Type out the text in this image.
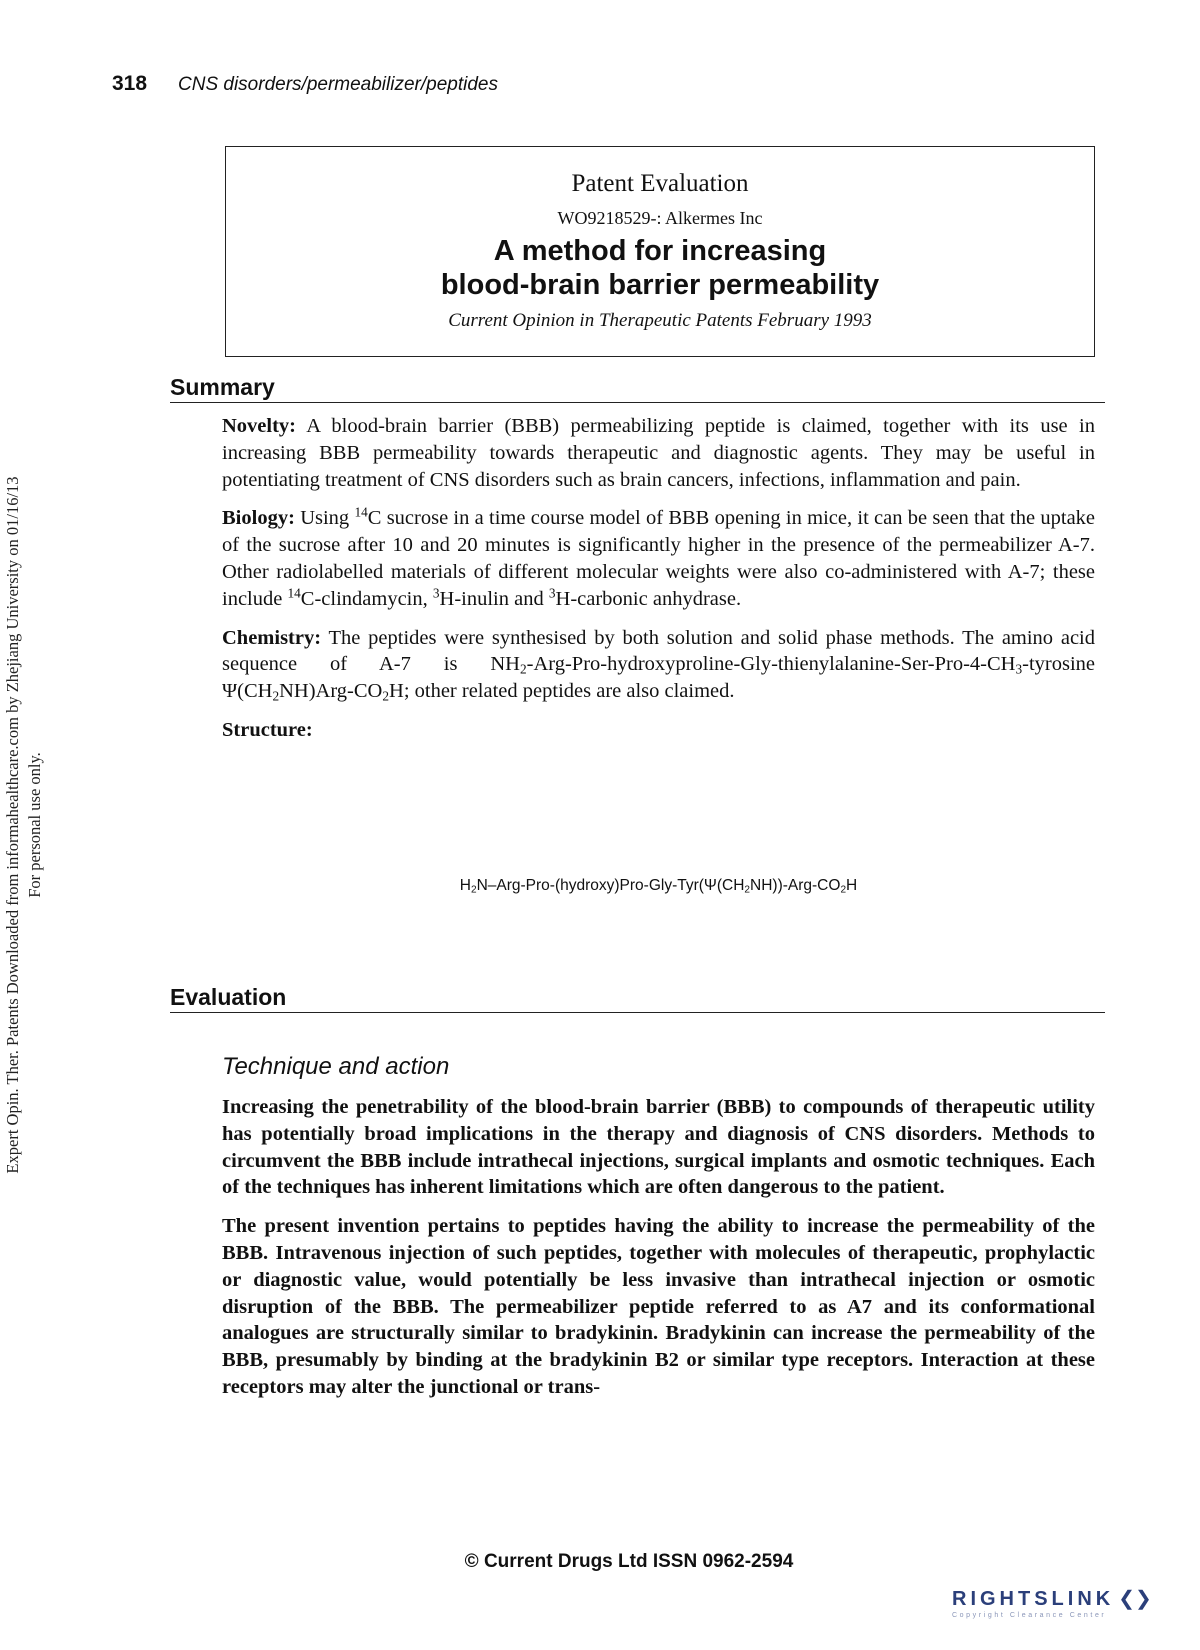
318 CNS disorders/permeabilizer/peptides
Expert Opin. Ther. Patents Downloaded from informahealthcare.com by Zhejiang University on 01/16/13 For personal use only.
Patent Evaluation
WO9218529-: Alkermes Inc
A method for increasing
blood-brain barrier permeability
Current Opinion in Therapeutic Patents February 1993
Summary

Novelty: A blood-brain barrier (BBB) permeabilizing peptide is claimed, together with its use in increasing BBB permeability towards therapeutic and diagnostic agents. They may be useful in potentiating treatment of CNS disorders such as brain cancers, infections, inflammation and pain.

Biology: Using $^{14}$C sucrose in a time course model of BBB opening in mice, it can be seen that the uptake of the sucrose after 10 and 20 minutes is significantly higher in the presence of the permeabilizer A-7. Other radiolabelled materials of different molecular weights were also co-administered with A-7; these include $^{14}$C-clindamycin, $^3$H-inulin and $^3$H-carbonic anhydrase.

Chemistry: The peptides were synthesised by both solution and solid phase methods. The amino acid sequence of A-7 is $NH_2-Arg-Pro-hydroxyproline-Gly-thienylalanine-Ser-Pro-4-CH_3$-tyrosine $\Psi(CH_2NH)Arg-CO_2H$; other related peptides are also claimed.

Structure:

$H_2N-Arg-Pro-(hydroxy)Pro-Gly-Tyr(\Psi(CH_2NH))-Arg-CO_2H$
Evaluation
Technique and action

Increasing the penetrability of the blood-brain barrier (BBB) to compounds of therapeutic utility has potentially broad implications in the therapy and diagnosis of CNS disorders. Methods to circumvent the BBB include intrathecal injections, surgical implants and osmotic techniques. Each of the techniques has inherent limitations which are often dangerous to the patient.

The present invention pertains to peptides having the ability to increase the permeability of the BBB. Intravenous injection of such peptides, together with molecules of therapeutic, prophylactic or diagnostic value, would potentially be less invasive than intrathecal injection or osmotic disruption of the BBB. The permeabilizer peptide referred to as A7 and its conformational analogues are structurally similar to bradykinin. Bradykinin can increase the permeability of the BBB, presumably by binding at the bradykinin B2 or similar type receptors. Interaction at these receptors may alter the junctional or trans-

© Current Drugs Ltd ISSN 0962-2594
RIGHTSLINK ❮❯
Copyright Clearance Center
